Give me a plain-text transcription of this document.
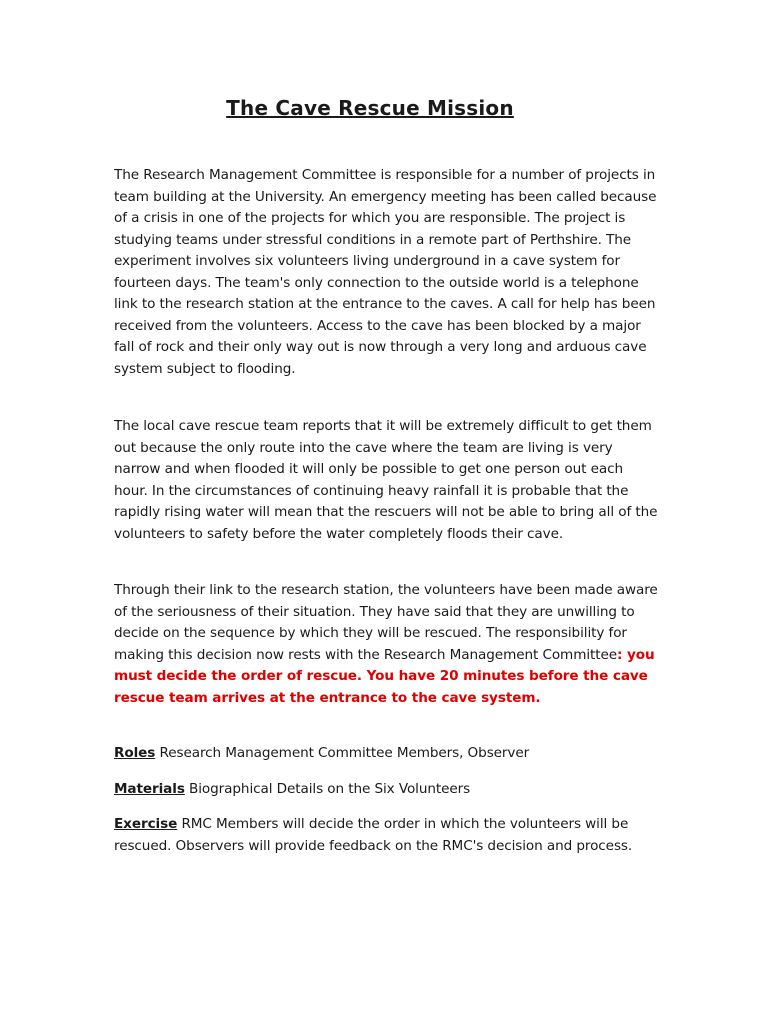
The Cave Rescue Mission

The Research Management Committee is responsible for a number of projects in team building at the University. An emergency meeting has been called because of a crisis in one of the projects for which you are responsible. The project is studying teams under stressful conditions in a remote part of Perthshire. The experiment involves six volunteers living underground in a cave system for fourteen days. The team's only connection to the outside world is a telephone link to the research station at the entrance to the caves. A call for help has been received from the volunteers. Access to the cave has been blocked by a major fall of rock and their only way out is now through a very long and arduous cave system subject to flooding.

The local cave rescue team reports that it will be extremely difficult to get them out because the only route into the cave where the team are living is very narrow and when flooded it will only be possible to get one person out each hour. In the circumstances of continuing heavy rainfall it is probable that the rapidly rising water will mean that the rescuers will not be able to bring all of the volunteers to safety before the water completely floods their cave.

Through their link to the research station, the volunteers have been made aware of the seriousness of their situation. They have said that they are unwilling to decide on the sequence by which they will be rescued. The responsibility for making this decision now rests with the Research Management Committee: you must decide the order of rescue. You have 20 minutes before the cave rescue team arrives at the entrance to the cave system.

Roles Research Management Committee Members, Observer

Materials Biographical Details on the Six Volunteers

Exercise RMC Members will decide the order in which the volunteers will be rescued. Observers will provide feedback on the RMC's decision and process.
